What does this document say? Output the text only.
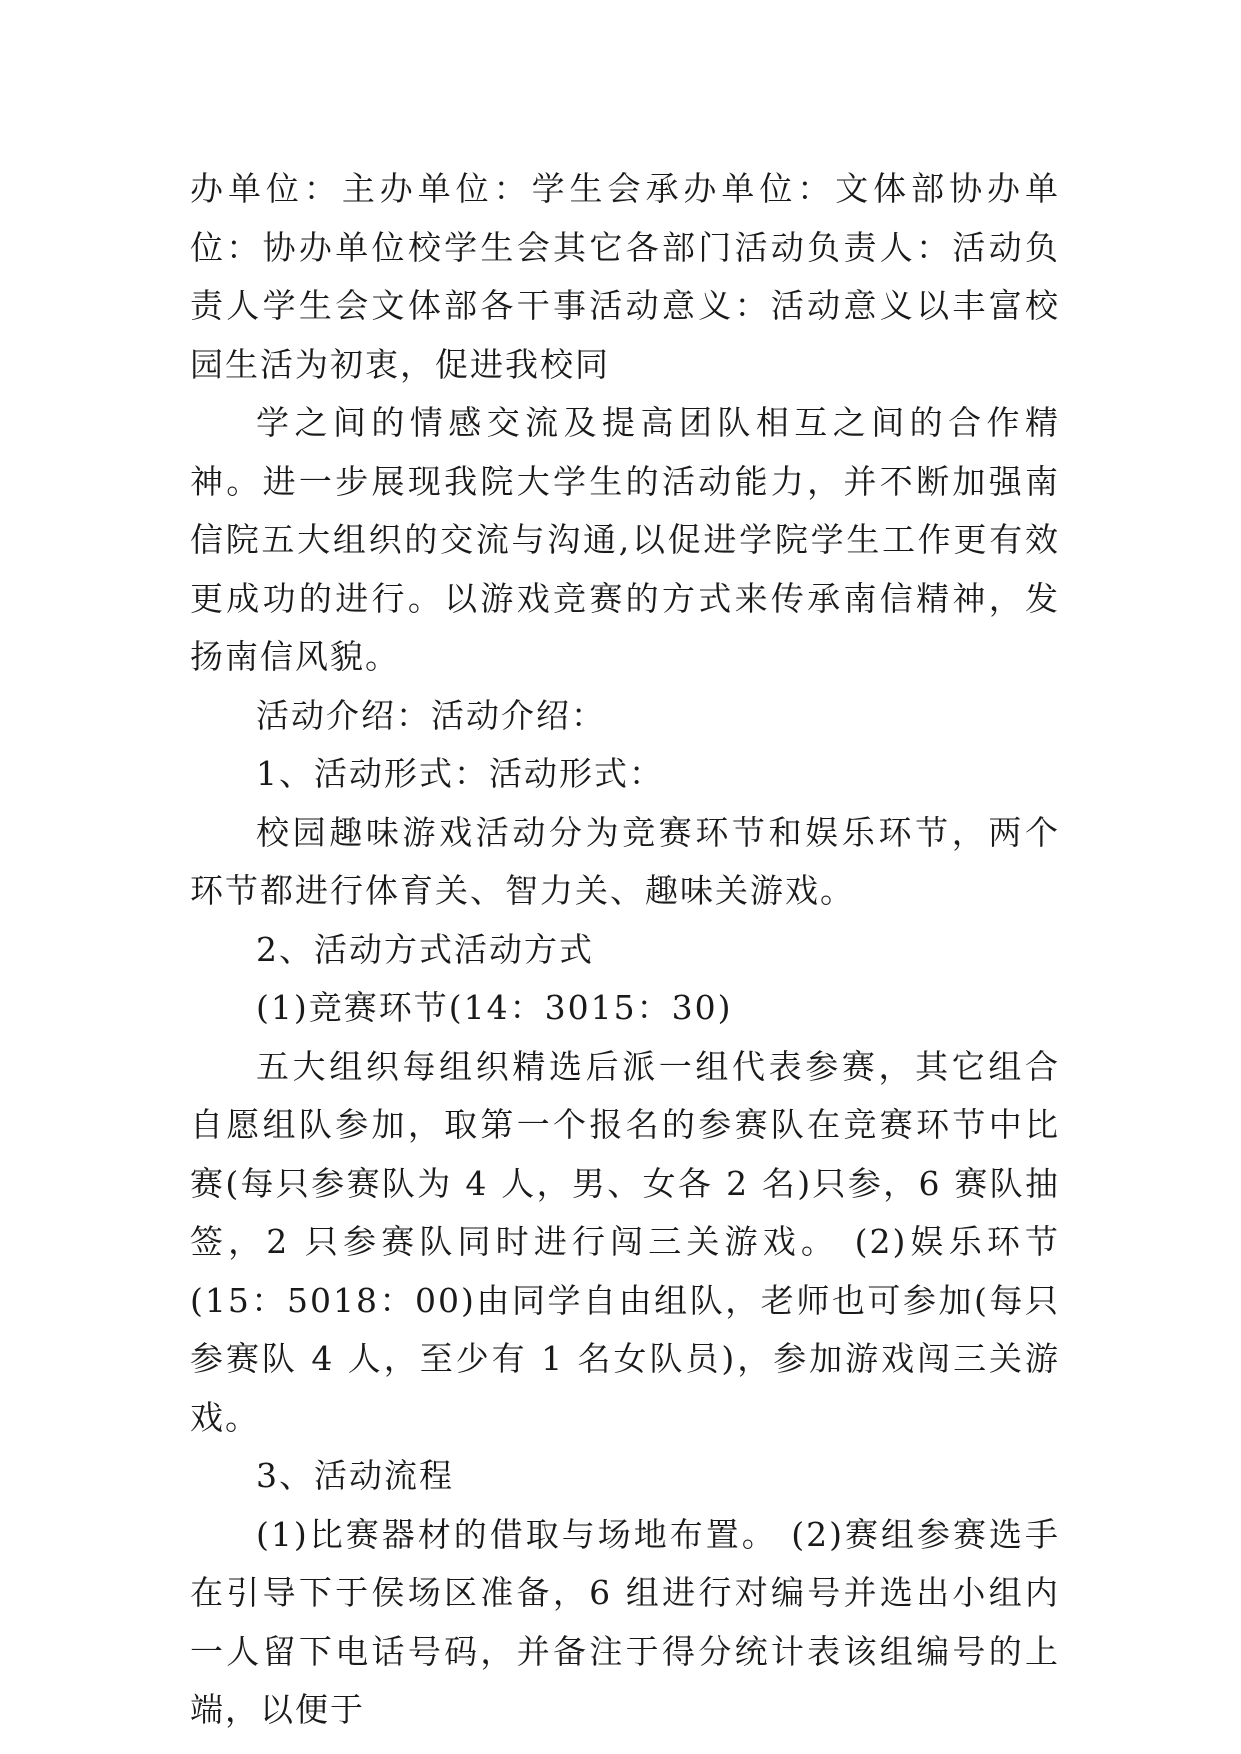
办单位：主办单位：学生会承办单位：文体部协办单位：协办单位校学生会其它各部门活动负责人：活动负责人学生会文体部各干事活动意义：活动意义以丰富校园生活为初衷，促进我校同

学之间的情感交流及提高团队相互之间的合作精神。进一步展现我院大学生的活动能力，并不断加强南信院五大组织的交流与沟通,以促进学院学生工作更有效更成功的进行。以游戏竞赛的方式来传承南信精神，发扬南信风貌。

活动介绍：活动介绍：

1、活动形式：活动形式：

校园趣味游戏活动分为竞赛环节和娱乐环节，两个环节都进行体育关、智力关、趣味关游戏。

2、活动方式活动方式

(1)竞赛环节(14：3015：30)

五大组织每组织精选后派一组代表参赛，其它组合自愿组队参加，取第一个报名的参赛队在竞赛环节中比赛(每只参赛队为 4 人，男、女各 2 名)只参，6 赛队抽签，2 只参赛队同时进行闯三关游戏。 (2)娱乐环节(15：5018：00)由同学自由组队，老师也可参加(每只参赛队 4 人，至少有 1 名女队员)，参加游戏闯三关游戏。

3、活动流程

(1)比赛器材的借取与场地布置。 (2)赛组参赛选手在引导下于侯场区准备，6 组进行对编号并选出小组内一人留下电话号码，并备注于得分统计表该组编号的上端，以便于
